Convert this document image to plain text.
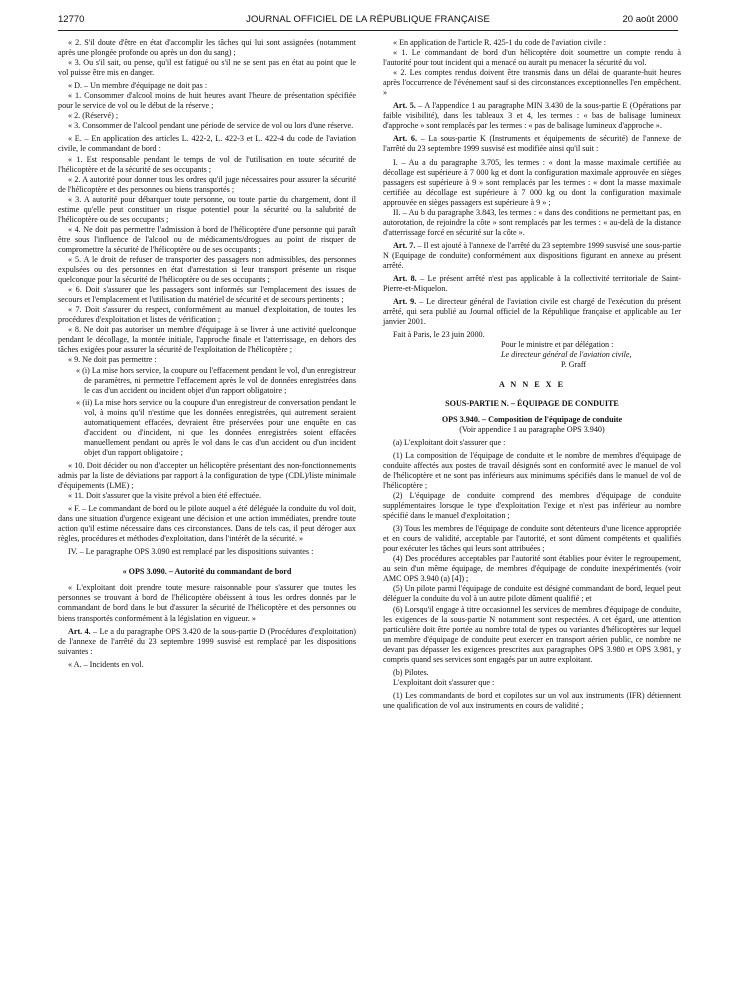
12770	JOURNAL OFFICIEL DE LA RÉPUBLIQUE FRANÇAISE	20 août 2000

« 2. S'il doute d'être en état d'accomplir les tâches qui lui sont assignées (notamment après une plongée profonde ou après un don du sang) ;

« 3. Ou s'il sait, ou pense, qu'il est fatigué ou s'il ne se sent pas en état au point que le vol puisse être mis en danger.

« D. – Un membre d'équipage ne doit pas :

« 1. Consommer d'alcool moins de huit heures avant l'heure de présentation spécifiée pour le service de vol ou le début de la réserve ;

« 2. (Réservé) ;

« 3. Consommer de l'alcool pendant une période de service de vol ou lors d'une réserve.

« E. – En application des articles L. 422-2, L. 422-3 et L. 422-4 du code de l'aviation civile, le commandant de bord :

« 1. Est responsable pendant le temps de vol de l'utilisation en toute sécurité de l'hélicoptère et de la sécurité de ses occupants ;

« 2. A autorité pour donner tous les ordres qu'il juge nécessaires pour assurer la sécurité de l'hélicoptère et des personnes ou biens transportés ;

« 3. A autorité pour débarquer toute personne, ou toute partie du chargement, dont il estime qu'elle peut constituer un risque potentiel pour la sécurité ou la salubrité de l'hélicoptère ou de ses occupants ;

« 4. Ne doit pas permettre l'admission à bord de l'hélicoptère d'une personne qui paraît être sous l'influence de l'alcool ou de médicaments/drogues au point de risquer de compromettre la sécurité de l'hélicoptère ou de ses occupants ;

« 5. A le droit de refuser de transporter des passagers non admissibles, des personnes expulsées ou des personnes en état d'arrestation si leur transport présente un risque quelconque pour la sécurité de l'hélicoptère ou de ses occupants ;

« 6. Doit s'assurer que les passagers sont informés sur l'emplacement des issues de secours et l'emplacement et l'utilisation du matériel de sécurité et de secours pertinents ;

« 7. Doit s'assurer du respect, conformément au manuel d'exploitation, de toutes les procédures d'exploitation et listes de vérification ;

« 8. Ne doit pas autoriser un membre d'équipage à se livrer à une activité quelconque pendant le décollage, la montée initiale, l'approche finale et l'atterrissage, en dehors des tâches exigées pour assurer la sécurité de l'exploitation de l'hélicoptère ;

« 9. Ne doit pas permettre :

« (i) La mise hors service, la coupure ou l'effacement pendant le vol, d'un enregistreur de paramètres, ni permettre l'effacement après le vol de données enregistrées dans le cas d'un accident ou incident objet d'un rapport obligatoire ;

« (ii) La mise hors service ou la coupure d'un enregistreur de conversation pendant le vol, à moins qu'il n'estime que les données enregistrées, qui autrement seraient automatiquement effacées, devraient être préservées pour une enquête en cas d'accident ou d'incident, ni que les données enregistrées soient effacées manuellement pendant ou après le vol dans le cas d'un accident ou d'un incident objet d'un rapport obligatoire ;

« 10. Doit décider ou non d'accepter un hélicoptère présentant des non-fonctionnements admis par la liste de déviations par rapport à la configuration de type (CDL)/liste minimale d'équipements (LME) ;

« 11. Doit s'assurer que la visite prévol a bien été effectuée.

« F. – Le commandant de bord ou le pilote auquel a été déléguée la conduite du vol doit, dans une situation d'urgence exigeant une décision et une action immédiates, prendre toute action qu'il estime nécessaire dans ces circonstances. Dans de tels cas, il peut déroger aux règles, procédures et méthodes d'exploitation, dans l'intérêt de la sécurité. »

IV. – Le paragraphe OPS 3.090 est remplacé par les dispositions suivantes :

« OPS 3.090. – Autorité du commandant de bord

« L'exploitant doit prendre toute mesure raisonnable pour s'assurer que toutes les personnes se trouvant à bord de l'hélicoptère obéissent à tous les ordres donnés par le commandant de bord dans le but d'assurer la sécurité de l'hélicoptère et des personnes ou biens transportés conformément à la législation en vigueur. »

Art. 4. – Le a du paragraphe OPS 3.420 de la sous-partie D (Procédures d'exploitation) de l'annexe de l'arrêté du 23 septembre 1999 susvisé est remplacé par les dispositions suivantes :

« A. – Incidents en vol.

« En application de l'article R. 425-1 du code de l'aviation civile :

« 1. Le commandant de bord d'un hélicoptère doit soumettre un compte rendu à l'autorité pour tout incident qui a menacé ou aurait pu menacer la sécurité du vol.

« 2. Les comptes rendus doivent être transmis dans un délai de quarante-huit heures après l'occurrence de l'événement sauf si des circonstances exceptionnelles l'en empêchent. »

Art. 5. – A l'appendice 1 au paragraphe MIN 3.430 de la sous-partie E (Opérations par faible visibilité), dans les tableaux 3 et 4, les termes : « bas de balisage lumineux d'approche » sont remplacés par les termes : « pas de balisage lumineux d'approche ».

Art. 6. – La sous-partie K (Instruments et équipements de sécurité) de l'annexe de l'arrêté du 23 septembre 1999 susvisé est modifiée ainsi qu'il suit :

I. – Au a du paragraphe 3.705, les termes : « dont la masse maximale certifiée au décollage est supérieure à 7 000 kg et dont la configuration maximale approuvée en sièges passagers est supérieure à 9 » sont remplacés par les termes : « dont la masse maximale certifiée au décollage est supérieure à 7 000 kg ou dont la configuration maximale approuvée en sièges passagers est supérieure à 9 » ;

II. – Au b du paragraphe 3.843, les termes : « dans des conditions ne permettant pas, en autorotation, de rejoindre la côte » sont remplacés par les termes : « au-delà de la distance d'atterrissage forcé en sécurité sur la côte ».

Art. 7. – Il est ajouté à l'annexe de l'arrêté du 23 septembre 1999 susvisé une sous-partie N (Equipage de conduite) conformément aux dispositions figurant en annexe au présent arrêté.

Art. 8. – Le présent arrêté n'est pas applicable à la collectivité territoriale de Saint-Pierre-et-Miquelon.

Art. 9. – Le directeur général de l'aviation civile est chargé de l'exécution du présent arrêté, qui sera publié au Journal officiel de la République française et applicable au 1er janvier 2001.

Fait à Paris, le 23 juin 2000.

Pour le ministre et par délégation :

Le directeur général de l'aviation civile,

P. Graff

A N N E X E

SOUS-PARTIE N. – ÉQUIPAGE DE CONDUITE

OPS 3.940. – Composition de l'équipage de conduite

(Voir appendice 1 au paragraphe OPS 3.940)

(a) L'exploitant doit s'assurer que :

(1) La composition de l'équipage de conduite et le nombre de membres d'équipage de conduite affectés aux postes de travail désignés sont en conformité avec le manuel de vol de l'hélicoptère et ne sont pas inférieurs aux minimums spécifiés dans le manuel de vol de l'hélicoptère ;

(2) L'équipage de conduite comprend des membres d'équipage de conduite supplémentaires lorsque le type d'exploitation l'exige et n'est pas inférieur au nombre spécifié dans le manuel d'exploitation ;

(3) Tous les membres de l'équipage de conduite sont détenteurs d'une licence appropriée et en cours de validité, acceptable par l'autorité, et sont dûment compétents et qualifiés pour exécuter les tâches qui leurs sont attribuées ;

(4) Des procédures acceptables par l'autorité sont établies pour éviter le regroupement, au sein d'un même équipage, de membres d'équipage de conduite inexpérimentés (voir AMC OPS 3.940 (a) [4]) ;

(5) Un pilote parmi l'équipage de conduite est désigné commandant de bord, lequel peut déléguer la conduite du vol à un autre pilote dûment qualifié ; et

(6) Lorsqu'il engage à titre occasionnel les services de membres d'équipage de conduite, les exigences de la sous-partie N notamment sont respectées. A cet égard, une attention particulière doit être portée au nombre total de types ou variantes d'hélicoptères sur lequel un membre d'équipage de conduite peut exercer en transport aérien public, ce nombre ne devant pas dépasser les exigences prescrites aux paragraphes OPS 3.980 et OPS 3.981, y compris quand ses services sont engagés par un autre exploitant.

(b) Pilotes.

L'exploitant doit s'assurer que :

(1) Les commandants de bord et copilotes sur un vol aux instruments (IFR) détiennent une qualification de vol aux instruments en cours de validité ;
